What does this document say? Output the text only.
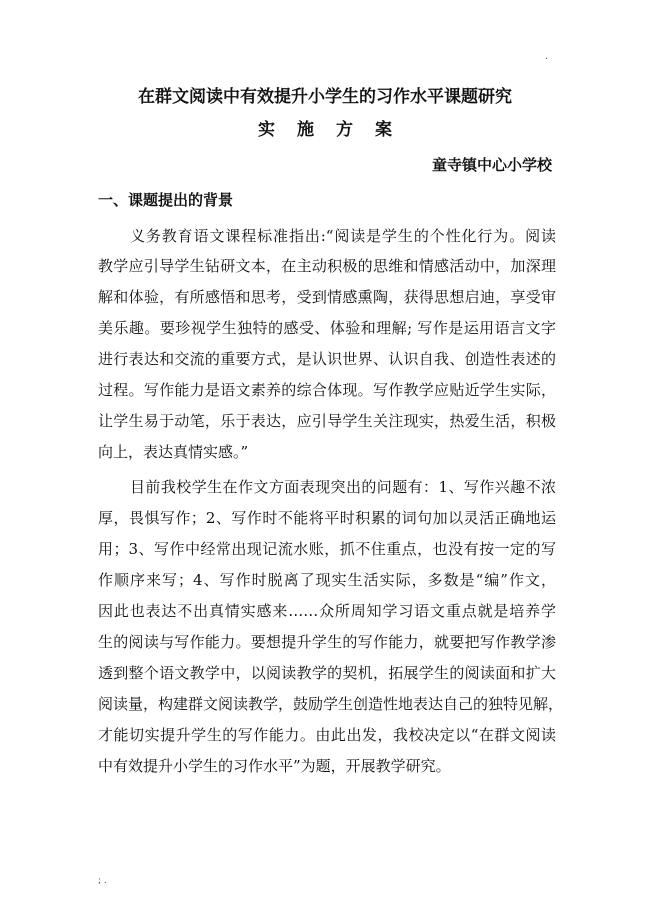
.
在群文阅读中有效提升小学生的习作水平课题研究
实施方案
童寺镇中心小学校
一、课题提出的背景
义务教育语文课程标准指出:“阅读是学生的个性化行为。阅读
教学应引导学生钻研文本，在主动积极的思维和情感活动中，加深理
解和体验，有所感悟和思考，受到情感熏陶，获得思想启迪，享受审
美乐趣。要珍视学生独特的感受、体验和理解; 写作是运用语言文字
进行表达和交流的重要方式，是认识世界、认识自我、创造性表述的
过程。写作能力是语文素养的综合体现。写作教学应贴近学生实际，
让学生易于动笔，乐于表达，应引导学生关注现实，热爱生活，积极
向上，表达真情实感。”
目前我校学生在作文方面表现突出的问题有：1、写作兴趣不浓
厚，畏惧写作；2、写作时不能将平时积累的词句加以灵活正确地运
用；3、写作中经常出现记流水账，抓不住重点，也没有按一定的写
作顺序来写；4、写作时脱离了现实生活实际，多数是“编”作文，
因此也表达不出真情实感来……众所周知学习语文重点就是培养学
生的阅读与写作能力。要想提升学生的写作能力，就要把写作教学渗
透到整个语文教学中，以阅读教学的契机，拓展学生的阅读面和扩大
阅读量，构建群文阅读教学，鼓励学生创造性地表达自己的独特见解，
才能切实提升学生的写作能力。由此出发，我校决定以“在群文阅读
中有效提升小学生的习作水平”为题，开展教学研究。
; .
